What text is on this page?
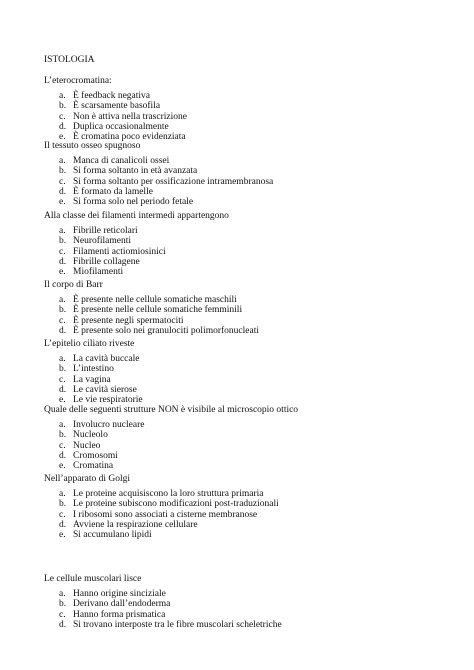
ISTOLOGIA
L’eterocromatina:
a. È feedback negativa
b. È scarsamente basofila
c. Non è attiva nella trascrizione
d. Duplica occasionalmente
e. È cromatina poco evidenziata
Il tessuto osseo spugnoso
a. Manca di canalicoli ossei
b. Si forma soltanto in età avanzata
c. Si forma soltanto per ossificazione intramembranosa
d. È formato da lamelle
e. Si forma solo nel periodo fetale
Alla classe dei filamenti intermedi appartengono
a. Fibrille reticolari
b. Neurofilamenti
c. Filamenti actiomiosinici
d. Fibrille collagene
e. Miofilamenti
Il corpo di Barr
a. È presente nelle cellule somatiche maschili
b. È presente nelle cellule somatiche femminili
c. È presente negli spermatociti
d. È presente solo nei granulociti polimorfonucleati
L’epitelio ciliato riveste
a. La cavità buccale
b. L’intestino
c. La vagina
d. Le cavità sierose
e. Le vie respiratorie
Quale delle seguenti strutture NON è visibile al microscopio ottico
a. Involucro nucleare
b. Nucleolo
c. Nucleo
d. Cromosomi
e. Cromatina
Nell’apparato di Golgi
a. Le proteine acquisiscono la loro struttura primaria
b. Le proteine subiscono modificazioni post-traduzionali
c. I ribosomi sono associati a cisterne membranose
d. Avviene la respirazione cellulare
e. Si accumulano lipidi
Le cellule muscolari lisce
a. Hanno origine sinciziale
b. Derivano dall’endoderma
c. Hanno forma prismatica
d. Si trovano interposte tra le fibre muscolari scheletriche
